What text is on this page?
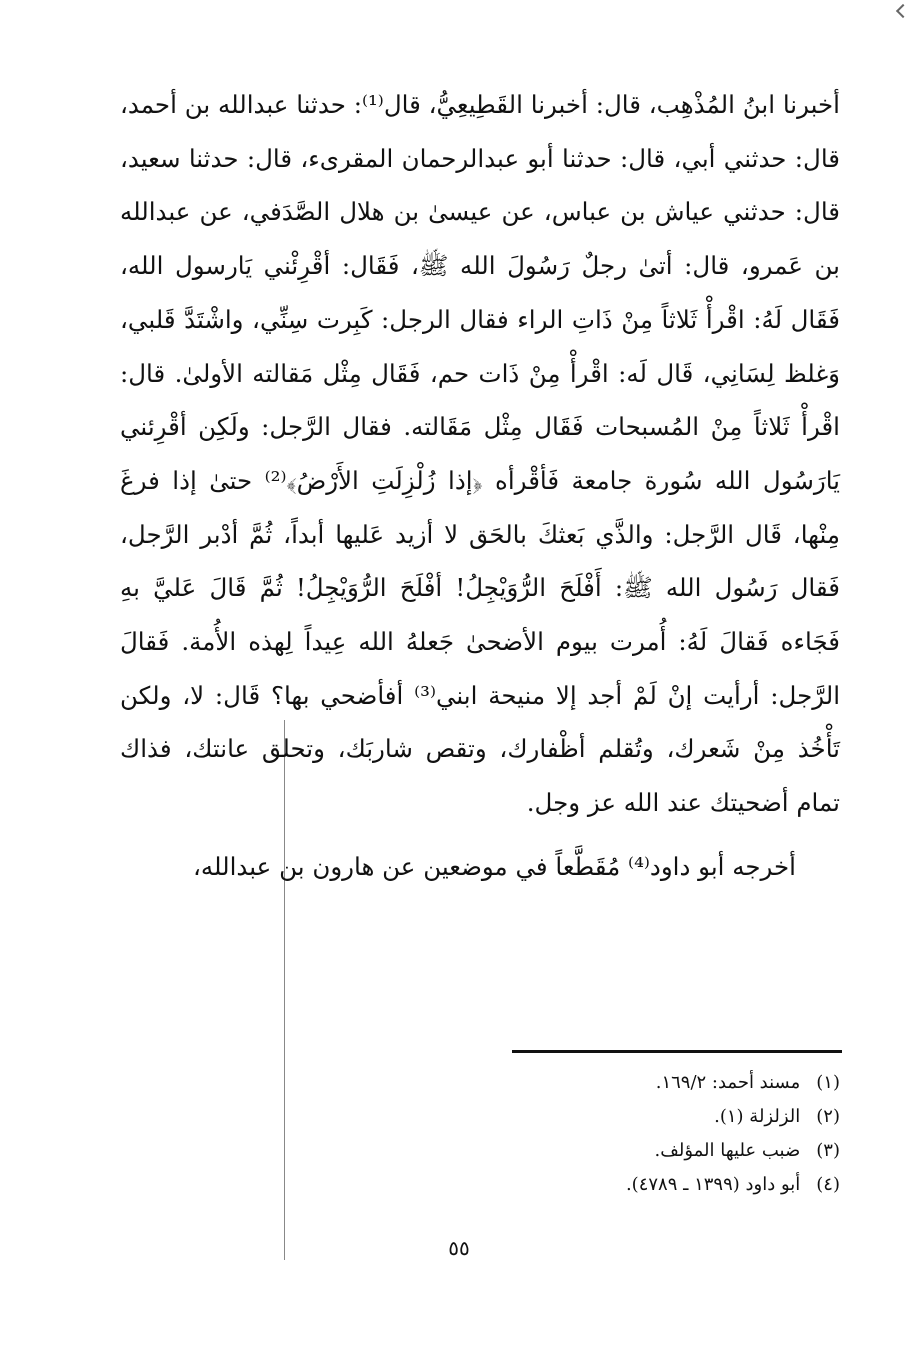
أخبرنا ابنُ المُذْهِب، قال: أخبرنا القَطِيعِيُّ، قال⁽¹⁾: حدثنا عبدالله بن أحمد، قال: حدثني أبي، قال: حدثنا أبو عبدالرحمان المقرىء، قال: حدثنا سعيد، قال: حدثني عياش بن عباس، عن عيسىٰ بن هلال الصَّدَفي، عن عبدالله بن عَمرو، قال: أتىٰ رجلٌ رَسُولَ الله ﷺ، فَقَال: أقْرِئْني يَارسول الله، فَقَال لَهُ: اقْرأْ ثَلاثاً مِنْ ذَاتِ الراء فقال الرجل: كَبِرت سِنِّي، واشْتَدَّ قَلبي، وَغلظ لِسَانِي، قَال لَه: اقْرأْ مِنْ ذَات حم، فَقَال مِثْل مَقالته الأولىٰ. قال: اقْرأْ ثَلاثاً مِنْ المُسبحات فَقَال مِثْل مَقَالته. فقال الرَّجل: ولَكِن أقْرِئني يَارَسُول الله سُورة جامعة فَأقْرأه ﴿إذا زُلْزِلَتِ الأَرْضُ﴾⁽²⁾ حتىٰ إذا فرغَ مِنْها، قَال الرَّجل: والذَّي بَعثكَ بالحَق لا أزيد عَليها أبداً، ثُمَّ أدْبر الرَّجل، فَقال رَسُول الله ﷺ: أَفْلَحَ الرُّوَيْجِلُ! أفْلَحَ الرُّوَيْجِلُ! ثُمَّ قَالَ عَليَّ بهِ فَجَاءه فَقالَ لَهُ: أُمرت بيوم الأضحىٰ جَعلهُ الله عِيداً لِهذه الأُمة. فَقالَ الرَّجل: أرأيت إنْ لَمْ أجد إلا منيحة ابني⁽³⁾ أفأضحي بها؟ قَال: لا، ولكن تَأْخُذ مِنْ شَعرك، وتُقلم أظْفارك، وتقص شاربَك، وتحلق عانتك، فذاك تمام أضحيتك عند الله عز وجل.

أخرجه أبو داود⁽⁴⁾ مُقَطَّعاً في موضعين عن هارون بن عبدالله،

(١) مسند أحمد: ١٦٩/٢.
(٢) الزلزلة (١).
(٣) ضبب عليها المؤلف.
(٤) أبو داود (١٣٩٩ ـ ٤٧٨٩).
٥٥
